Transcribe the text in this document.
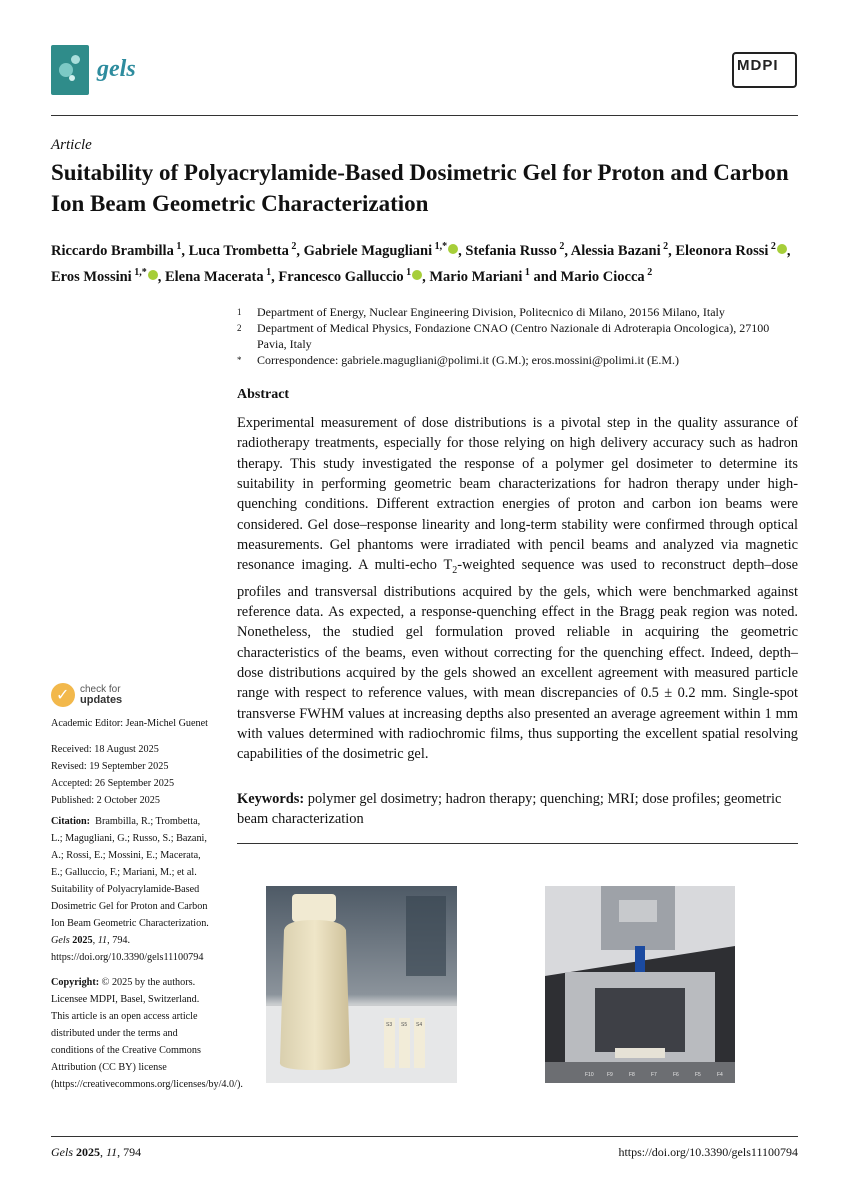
gels	MDPI
Article
Suitability of Polyacrylamide-Based Dosimetric Gel for Proton and Carbon Ion Beam Geometric Characterization
Riccardo Brambilla $^1$, Luca Trombetta $^2$, Gabriele Magugliani $^{1,*}$ , Stefania Russo $^2$, Alessia Bazani $^2$, Eleonora Rossi $^2$ , Eros Mossini $^{1,*}$ , Elena Macerata $^1$, Francesco Galluccio $^1$ , Mario Mariani $^1$ and Mario Ciocca $^2$
1	Department of Energy, Nuclear Engineering Division, Politecnico di Milano, 20156 Milano, Italy
2	Department of Medical Physics, Fondazione CNAO (Centro Nazionale di Adroterapia Oncologica), 27100 Pavia, Italy
*	Correspondence: gabriele.magugliani@polimi.it (G.M.); eros.mossini@polimi.it (E.M.)
Abstract
Experimental measurement of dose distributions is a pivotal step in the quality assurance of radiotherapy treatments, especially for those relying on high delivery accuracy such as hadron therapy. This study investigated the response of a polymer gel dosimeter to determine its suitability in performing geometric beam characterizations for hadron therapy under high-quenching conditions. Different extraction energies of proton and carbon ion beams were considered. Gel dose–response linearity and long-term stability were confirmed through optical measurements. Gel phantoms were irradiated with pencil beams and analyzed via magnetic resonance imaging. A multi-echo $T_2$-weighted sequence was used to reconstruct depth–dose profiles and transversal distributions acquired by the gels, which were benchmarked against reference data. As expected, a response-quenching effect in the Bragg peak region was noted. Nonetheless, the studied gel formulation proved reliable in acquiring the geometric characteristics of the beams, even without correcting for the quenching effect. Indeed, depth–dose distributions acquired by the gels showed an excellent agreement with measured particle range with respect to reference values, with mean discrepancies of 0.5 ± 0.2 mm. Single-spot transverse FWHM values at increasing depths also presented an average agreement within 1 mm with values determined with radiochromic films, thus supporting the excellent spatial resolving capabilities of the dosimetric gel.
Keywords: polymer gel dosimetry; hadron therapy; quenching; MRI; dose profiles; geometric beam characterization
✓ check for
updates
Academic Editor: Jean-Michel Guenet

Received: 18 August 2025

Revised: 19 September 2025

Accepted: 26 September 2025

Published: 2 October 2025

Citation: Brambilla, R.; Trombetta, L.; Magugliani, G.; Russo, S.; Bazani, A.; Rossi, E.; Mossini, E.; Macerata, E.; Galluccio, F.; Mariani, M.; et al. Suitability of Polyacrylamide-Based Dosimetric Gel for Proton and Carbon Ion Beam Geometric Characterization. Gels 2025, 11, 794. https://doi.org/10.3390/gels11100794

Copyright: © 2025 by the authors. Licensee MDPI, Basel, Switzerland. This article is an open access article distributed under the terms and conditions of the Creative Commons Attribution (CC BY) license (https://creativecommons.org/licenses/by/4.0/).

S3 S5 S4
F10	F9	F8	F7	F6	F5	F4
Gels 2025, 11, 794	https://doi.org/10.3390/gels11100794
